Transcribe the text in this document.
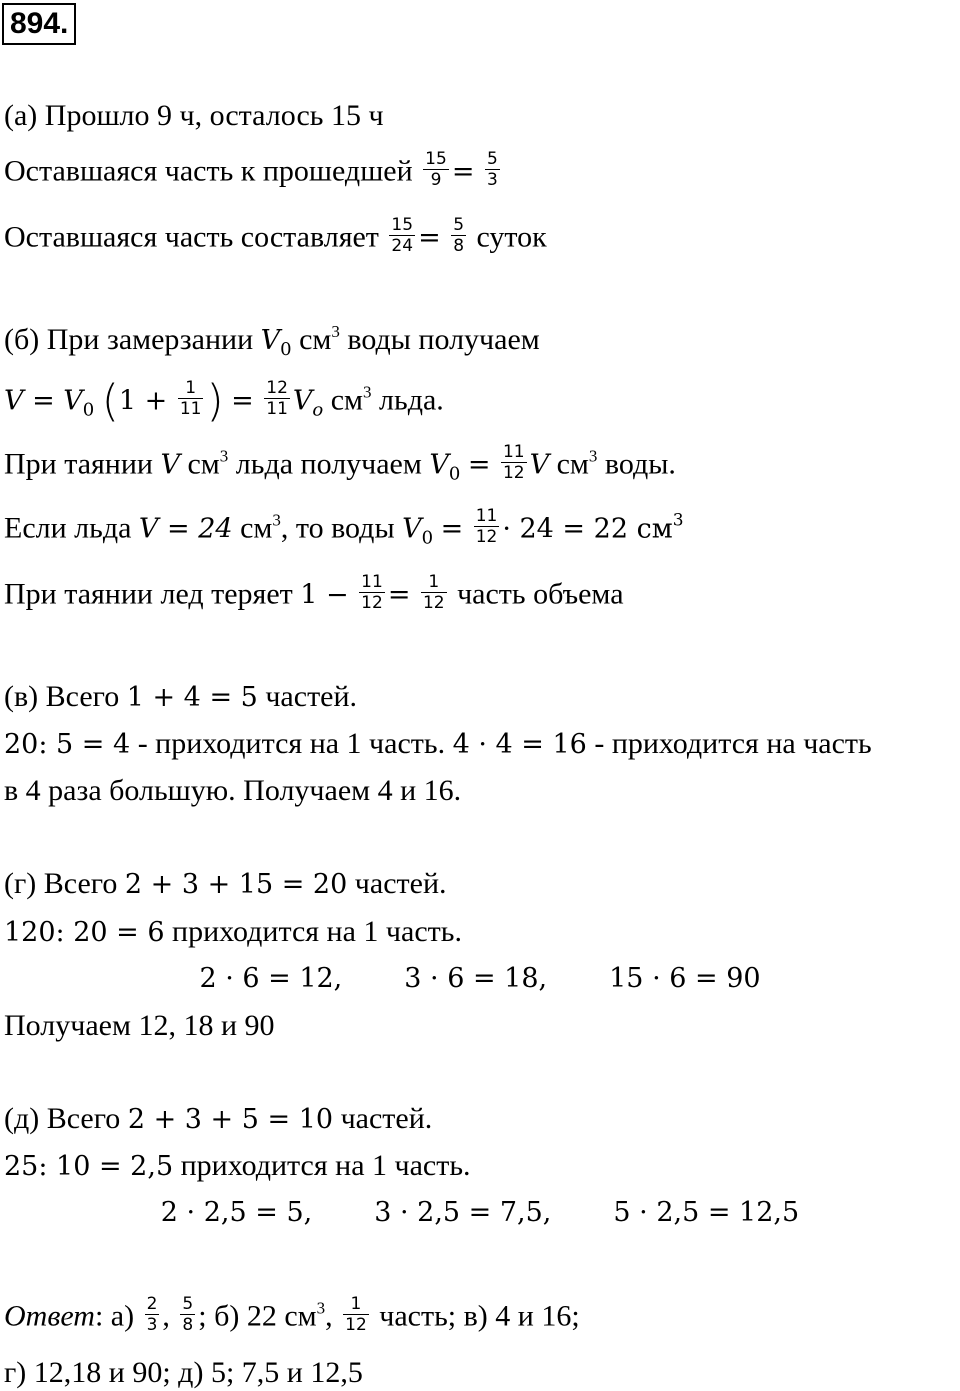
894.
(а) Прошло 9 ч, осталось 15 ч
Оставшаяся часть к прошедшей $\frac{15}{9} = \frac{5}{3}$
Оставшаяся часть составляет $\frac{15}{24} = \frac{5}{8}$ суток
(б) При замерзании $V_0$ $см^3$ воды получаем
$V = V_0$ ($1 + \frac{1}{11}$ ) = $\frac{12}{11} V_o$ $см^3$ льда.
При таянии V $см^3$ льда получаем $V_0 = \frac{11}{12}$ V $см^3$ воды.
Если льда V = 24 $см^3$, то воды $V_0 = \frac{11}{12} \cdot 24 = 22$ $см^3$
При таянии лед теряет $1 - \frac{11}{12} = \frac{1}{12}$ часть объема
(в) Всего 1 + 4 = 5 частей.
20: 5 = 4 - приходится на 1 часть. 4 · 4 = 16 - приходится на часть
в 4 раза большую. Получаем 4 и 16.
(г) Всего 2 + 3 + 15 = 20 частей.
120: 20 = 6 приходится на 1 часть.
2 · 6 = 12, 3 · 6 = 18, 15 · 6 = 90
Получаем 12, 18 и 90
(д) Всего 2 + 3 + 5 = 10 частей.
25: 10 = 2,5 приходится на 1 часть.
2 · 2,5 = 5, 3 · 2,5 = 7,5, 5 · 2,5 = 12,5
Ответ: $а) \frac{2}{3}$ , $\frac{5}{8}$ ; б) 22 $см^3$, $\frac{1}{12}$ часть; в) 4 и 16;
г) 12,18 и 90; д) 5; 7,5 и 12,5
